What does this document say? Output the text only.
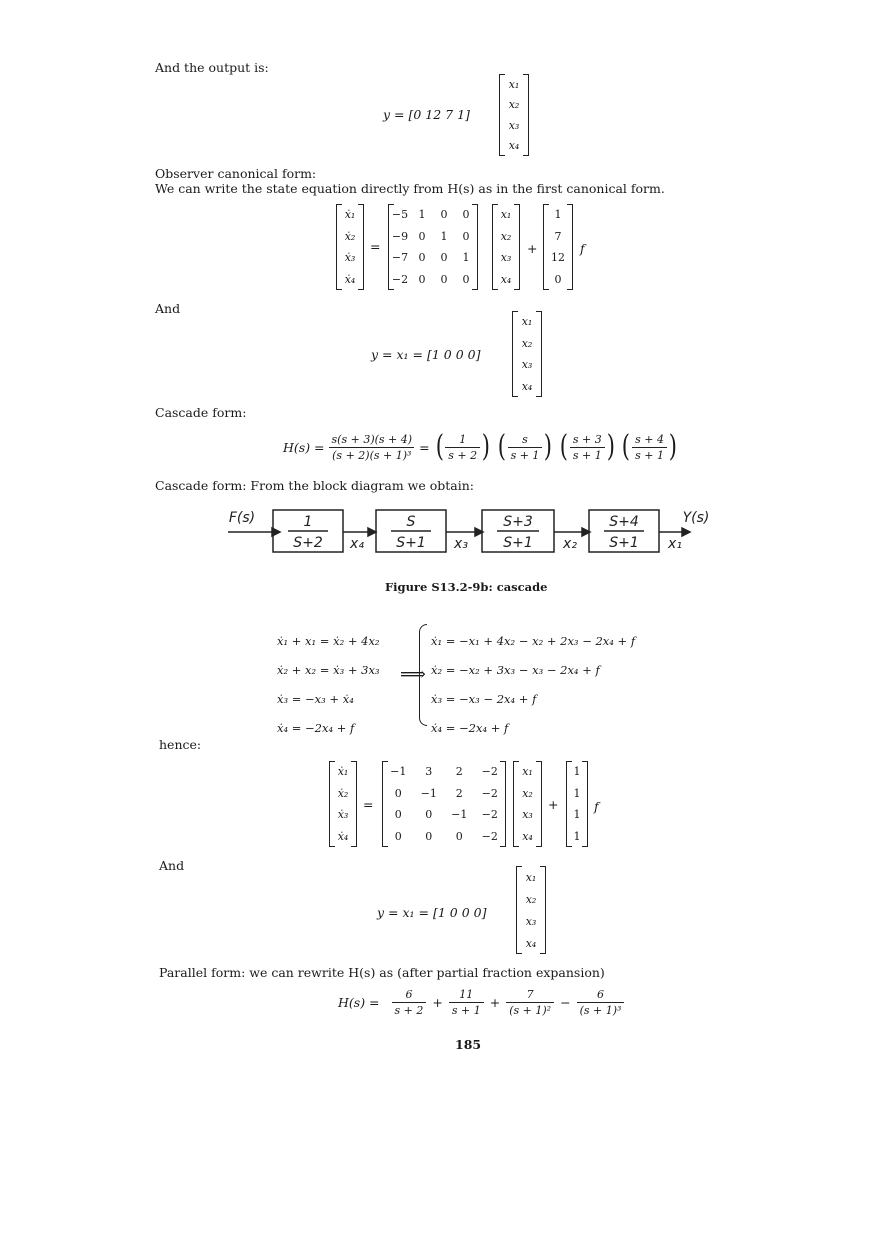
And the output is:
y = [0 12 7 1]
x₁
x₂
x₃
x₄
Observer canonical form:
We can write the state equation directly from H(s) as in the first canonical form.
ẋ₁
ẋ₂
ẋ₃
ẋ₄
=
−5 1 0 0
−9 0 1 0
−7 0 0 1
−2 0 0 0
x₁
x₂
x₃
x₄
+
1
7
12
0
f
And
y = x₁ = [1 0 0 0]
x₁
x₂
x₃
x₄
Cascade form:
$H(s) = \frac{s(s + 3)(s + 4)}{\text{(s + 2)(s + 1)³}}$ = ( $\frac{1}{s + 2}$ ) ( $\frac{s}{s + 1}$ ) ( $\frac{s + 3}{s + 1}$ ) ( $\frac{s + 4}{s + 1}$ )
Cascade form: From the block diagram we obtain:
F(s)	Y(s)
1
S+2
S
S+1
S+3
S+1
S+4
S+1
x₄	x₃	x₂	x₁
Figure S13.2-9b: cascade
ẋ₁ + x₁ = ẋ₂ + 4x₂
ẋ₂ + x₂ = ẋ₃ + 3x₃
ẋ₃ = −x₃ + ẋ₄
ẋ₄ = −2x₄ + f
⟹
ẋ₁ = −x₁ + 4x₂ − x₂ + 2x₃ − 2x₄ + f
ẋ₂ = −x₂ + 3x₃ − x₃ − 2x₄ + f
ẋ₃ = −x₃ − 2x₄ + f
ẋ₄ = −2x₄ + f
hence:
ẋ₁
ẋ₂
ẋ₃
ẋ₄
=
−1 3 2 −2
0 −1 2 −2
0 0 −1 −2
0 0 0 −2
x₁
x₂
x₃
x₄
+
1
1
1
1
f
And
y = x₁ = [1 0 0 0]
x₁
x₂
x₃
x₄
Parallel form: we can rewrite H(s) as (after partial fraction expansion)
$H(s) = \frac{6}{s + 2} + \frac{11}{s + 1} + \frac{7}{\text{(s + 1)²}} - \frac{6}{\text{(s + 1)³}}$
185
